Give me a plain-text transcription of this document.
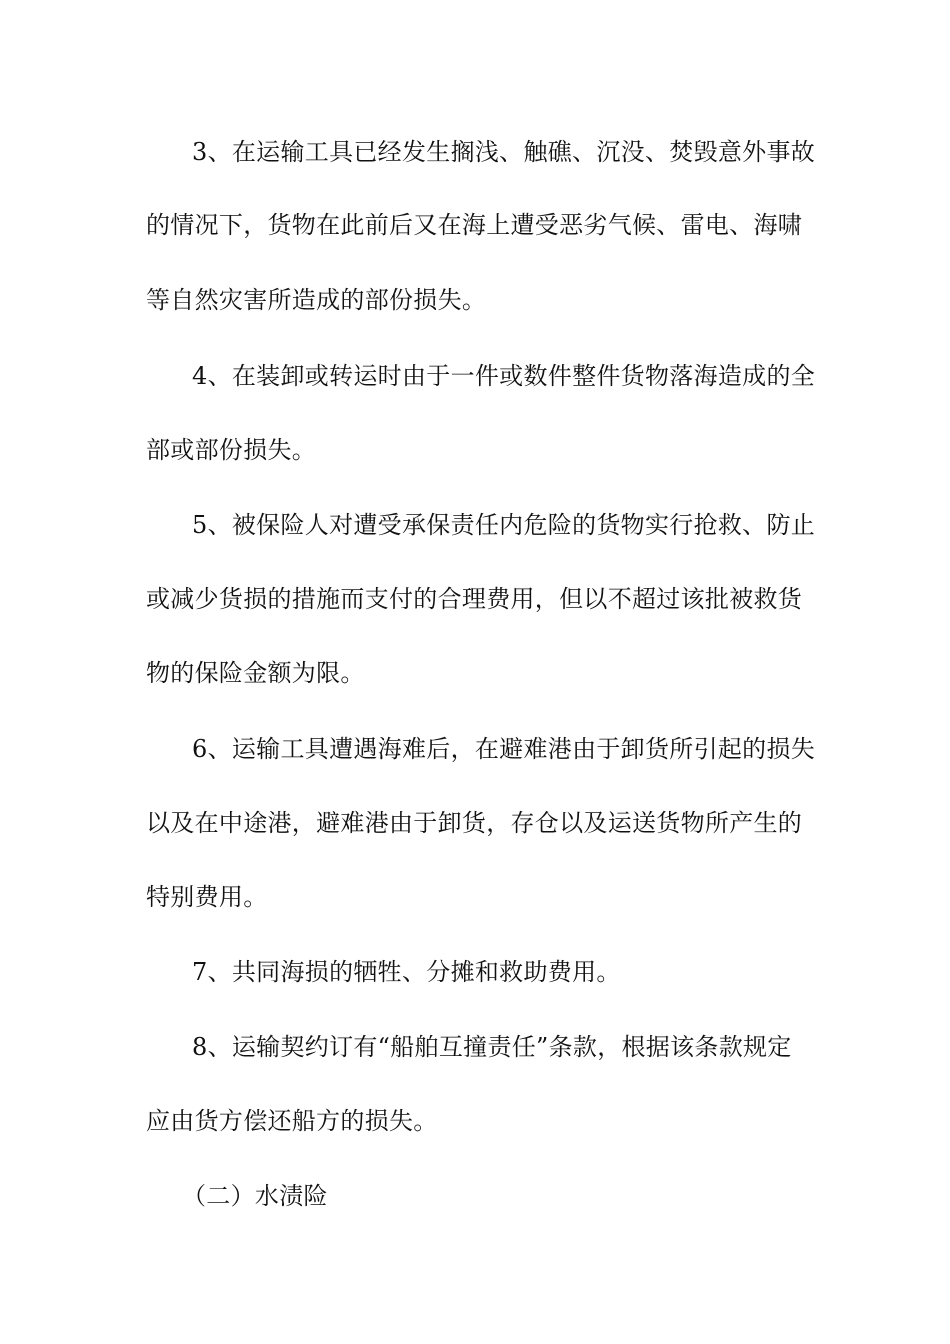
3、在运输工具已经发生搁浅、触礁、沉没、焚毁意外事故
的情况下，货物在此前后又在海上遭受恶劣气候、雷电、海啸
等自然灾害所造成的部份损失。
4、在装卸或转运时由于一件或数件整件货物落海造成的全
部或部份损失。
5、被保险人对遭受承保责任内危险的货物实行抢救、防止
或减少货损的措施而支付的合理费用，但以不超过该批被救货
物的保险金额为限。
6、运输工具遭遇海难后，在避难港由于卸货所引起的损失
以及在中途港，避难港由于卸货，存仓以及运送货物所产生的
特别费用。
7、共同海损的牺牲、分摊和救助费用。
8、运输契约订有“船舶互撞责任”条款，根据该条款规定
应由货方偿还船方的损失。
（二）水渍险
